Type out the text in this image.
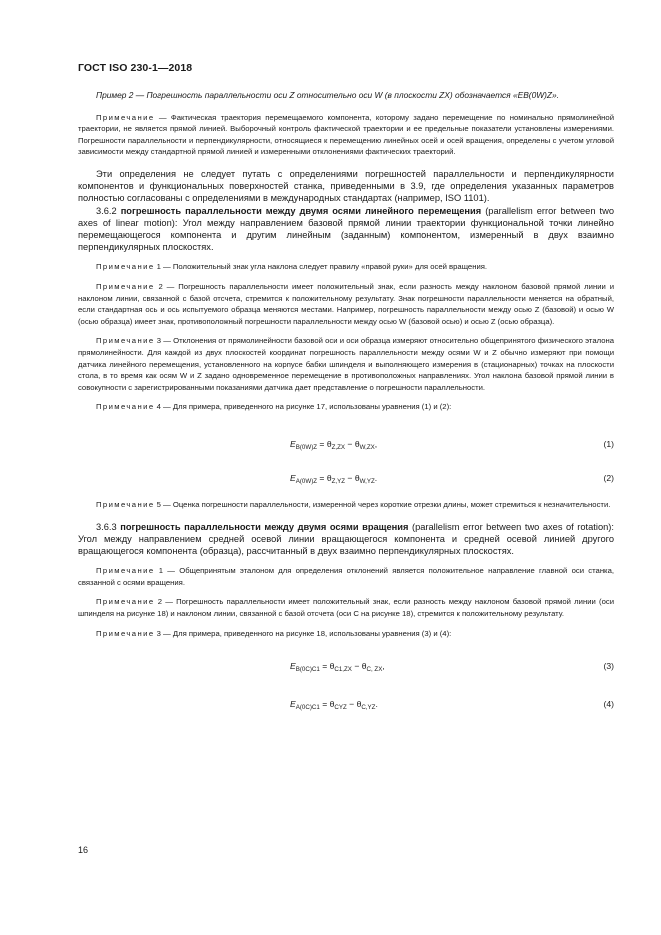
ГОСТ ISO 230-1—2018

Пример 2 — Погрешность параллельности оси Z относительно оси W (в плоскости ZX) обозначается «EB(0W)Z».

Примечание — Фактическая траектория перемещаемого компонента, которому задано перемещение по номинально прямолинейной траектории, не является прямой линией. Выборочный контроль фактической траектории и ее предельные показатели установлены измерениями. Погрешности параллельности и перпендикулярности, относящиеся к перемещению линейных осей и осей вращения, определены с учетом угловой зависимости между стандартной прямой линией и измеренными отклонениями фактических траекторий.

Эти определения не следует путать с определениями погрешностей параллельности и перпендикулярности компонентов и функциональных поверхностей станка, приведенными в 3.9, где определения указанных параметров полностью согласованы с определениями в международных стандартах (например, ISO 1101).

3.6.2 погрешность параллельности между двумя осями линейного перемещения (parallelism error between two axes of linear motion): Угол между направлением базовой прямой линии траектории функциональной точки линейно перемещающегося компонента и другим линейным (заданным) компонентом, измеренный в двух взаимно перпендикулярных плоскостях.

Примечание 1 — Положительный знак угла наклона следует правилу «правой руки» для осей вращения.

Примечание 2 — Погрешность параллельности имеет положительный знак, если разность между наклоном базовой прямой линии и наклоном линии, связанной с базой отсчета, стремится к положительному результату. Знак погрешности параллельности меняется на обратный, если стандартная ось и ось испытуемого образца меняются местами. Например, погрешность параллельности между осью Z (базовой) и осью W (осью образца) имеет знак, противоположный погрешности параллельности между осью W (базовой осью) и осью Z (осью образца).

Примечание 3 — Отклонения от прямолинейности базовой оси и оси образца измеряют относительно общепринятого физического эталона прямолинейности. Для каждой из двух плоскостей координат погрешность параллельности между осями W и Z обычно измеряют при помощи датчика линейного перемещения, установленного на корпусе бабки шпинделя и выполняющего измерения в (стационарных) точках на плоскости стола, в то время как осям W и Z задано одновременное перемещение в противоположных направлениях. Угол наклона базовой прямой линии в совокупности с зарегистрированными показаниями датчика дает представление о погрешности параллельности.

Примечание 4 — Для примера, приведенного на рисунке 17, использованы уравнения (1) и (2):

$E_{B(0W)Z} = \theta_{Z,ZX} - \theta_{W,ZX}$,	(1)
$E_{A(0W)Z} = \theta_{Z,YZ} - \theta_{W,YZ}$.	(2)

Примечание 5 — Оценка погрешности параллельности, измеренной через короткие отрезки длины, может стремиться к незначительности.

3.6.3 погрешность параллельности между двумя осями вращения (parallelism error between two axes of rotation): Угол между направлением средней осевой линии вращающегося компонента и средней осевой линией другого вращающегося компонента (образца), рассчитанный в двух взаимно перпендикулярных плоскостях.

Примечание 1 — Общепринятым эталоном для определения отклонений является положительное направление главной оси станка, связанной с осями вращения.

Примечание 2 — Погрешность параллельности имеет положительный знак, если разность между наклоном базовой прямой линии (оси шпинделя на рисунке 18) и наклоном линии, связанной с базой отсчета (оси С на рисунке 18), стремится к положительному результату.

Примечание 3 — Для примера, приведенного на рисунке 18, использованы уравнения (3) и (4):

$E_{B(0C)C1} = \theta_{C1,ZX} - \theta_{C, ZX}$,	(3)
$E_{A(0C)C1} = \theta_{CYZ} - \theta_{C,YZ}$.	(4)
16
